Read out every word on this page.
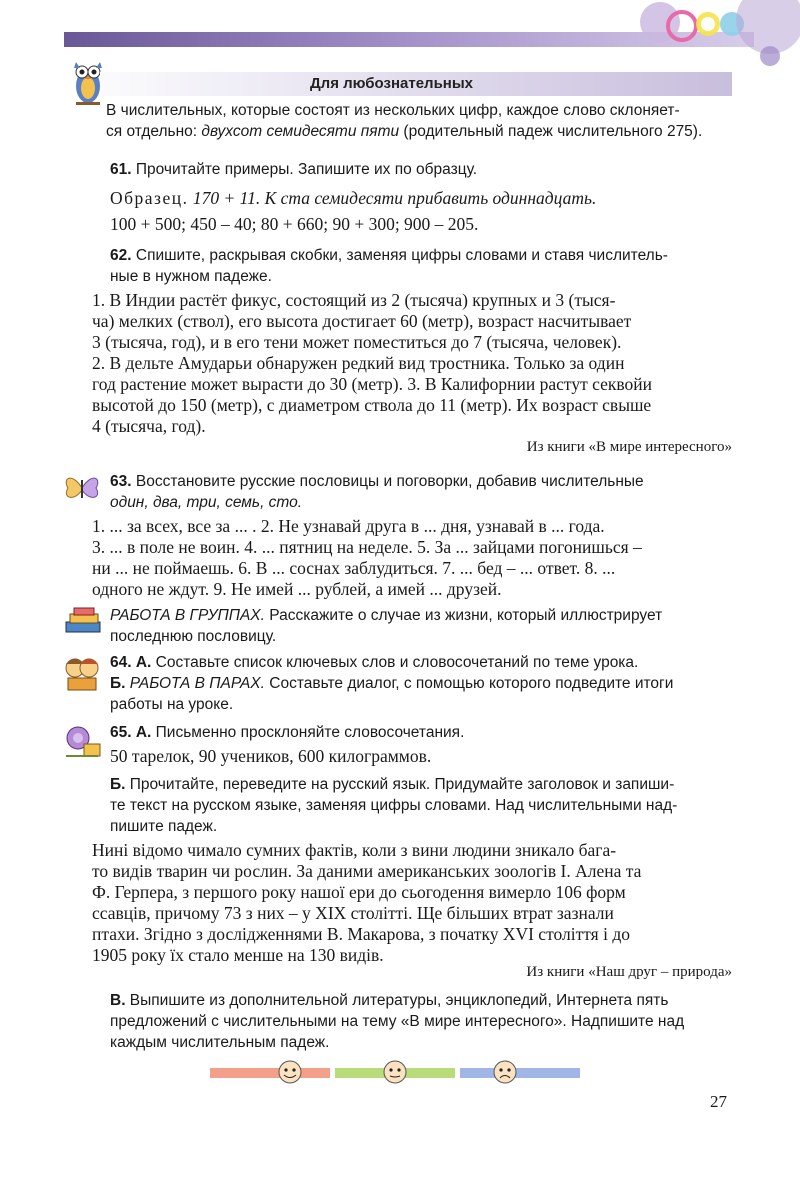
Для любознательных
В числительных, которые состоят из нескольких цифр, каждое слово склоняет-
ся отдельно: двухсот семидесяти пяти (родительный падеж числительного 275).
61. Прочитайте примеры. Запишите их по образцу.
Образец. 170 + 11. К ста семидесяти прибавить одиннадцать.
100 + 500; 450 – 40; 80 + 660; 90 + 300; 900 – 205.
62. Спишите, раскрывая скобки, заменяя цифры словами и ставя числитель-
ные в нужном падеже.
1. В Индии растёт фикус, состоящий из 2 (тысяча) крупных и 3 (тыся-
ча) мелких (ствол), его высота достигает 60 (метр), возраст насчитывает
3 (тысяча, год), и в его тени может поместиться до 7 (тысяча, человек).
2. В дельте Амударьи обнаружен редкий вид тростника. Только за один
год растение может вырасти до 30 (метр). 3. В Калифорнии растут секвойи
высотой до 150 (метр), с диаметром ствола до 11 (метр). Их возраст свыше
4 (тысяча, год).
Из книги «В мире интересного»
63. Восстановите русские пословицы и поговорки, добавив числительные
один, два, три, семь, сто.
1. ... за всех, все за ... . 2. Не узнавай друга в ... дня, узнавай в ... года.
3. ... в поле не воин. 4. ... пятниц на неделе. 5. За ... зайцами погонишься –
ни ... не поймаешь. 6. В ... соснах заблудиться. 7. ... бед – ... ответ. 8. ...
одного не ждут. 9. Не имей ... рублей, а имей ... друзей.
РАБОТА В ГРУППАХ. Расскажите о случае из жизни, который иллюстрирует
последнюю пословицу.
64. А. Составьте список ключевых слов и словосочетаний по теме урока.
Б. РАБОТА В ПАРАХ. Составьте диалог, с помощью которого подведите итоги
работы на уроке.
65. А. Письменно просклоняйте словосочетания.
50 тарелок, 90 учеников, 600 килограммов.
Б. Прочитайте, переведите на русский язык. Придумайте заголовок и запиши-
те текст на русском языке, заменяя цифры словами. Над числительными над-
пишите падеж.
Нині відомо чимало сумних фактів, коли з вини людини зникало бага-
то видів тварин чи рослин. За даними американських зоологів І. Алена та
Ф. Герпера, з першого року нашої ери до сьогодення вимерло 106 форм
ссавців, причому 73 з них – у XIX столітті. Ще більших втрат зазнали
птахи. Згідно з дослідженнями В. Макарова, з початку XVI століття і до
1905 року їх стало менше на 130 видів.
Из книги «Наш друг – природа»
В. Выпишите из дополнительной литературы, энциклопедий, Интернета пять
предложений с числительными на тему «В мире интересного». Надпишите над
каждым числительным падеж.
27
